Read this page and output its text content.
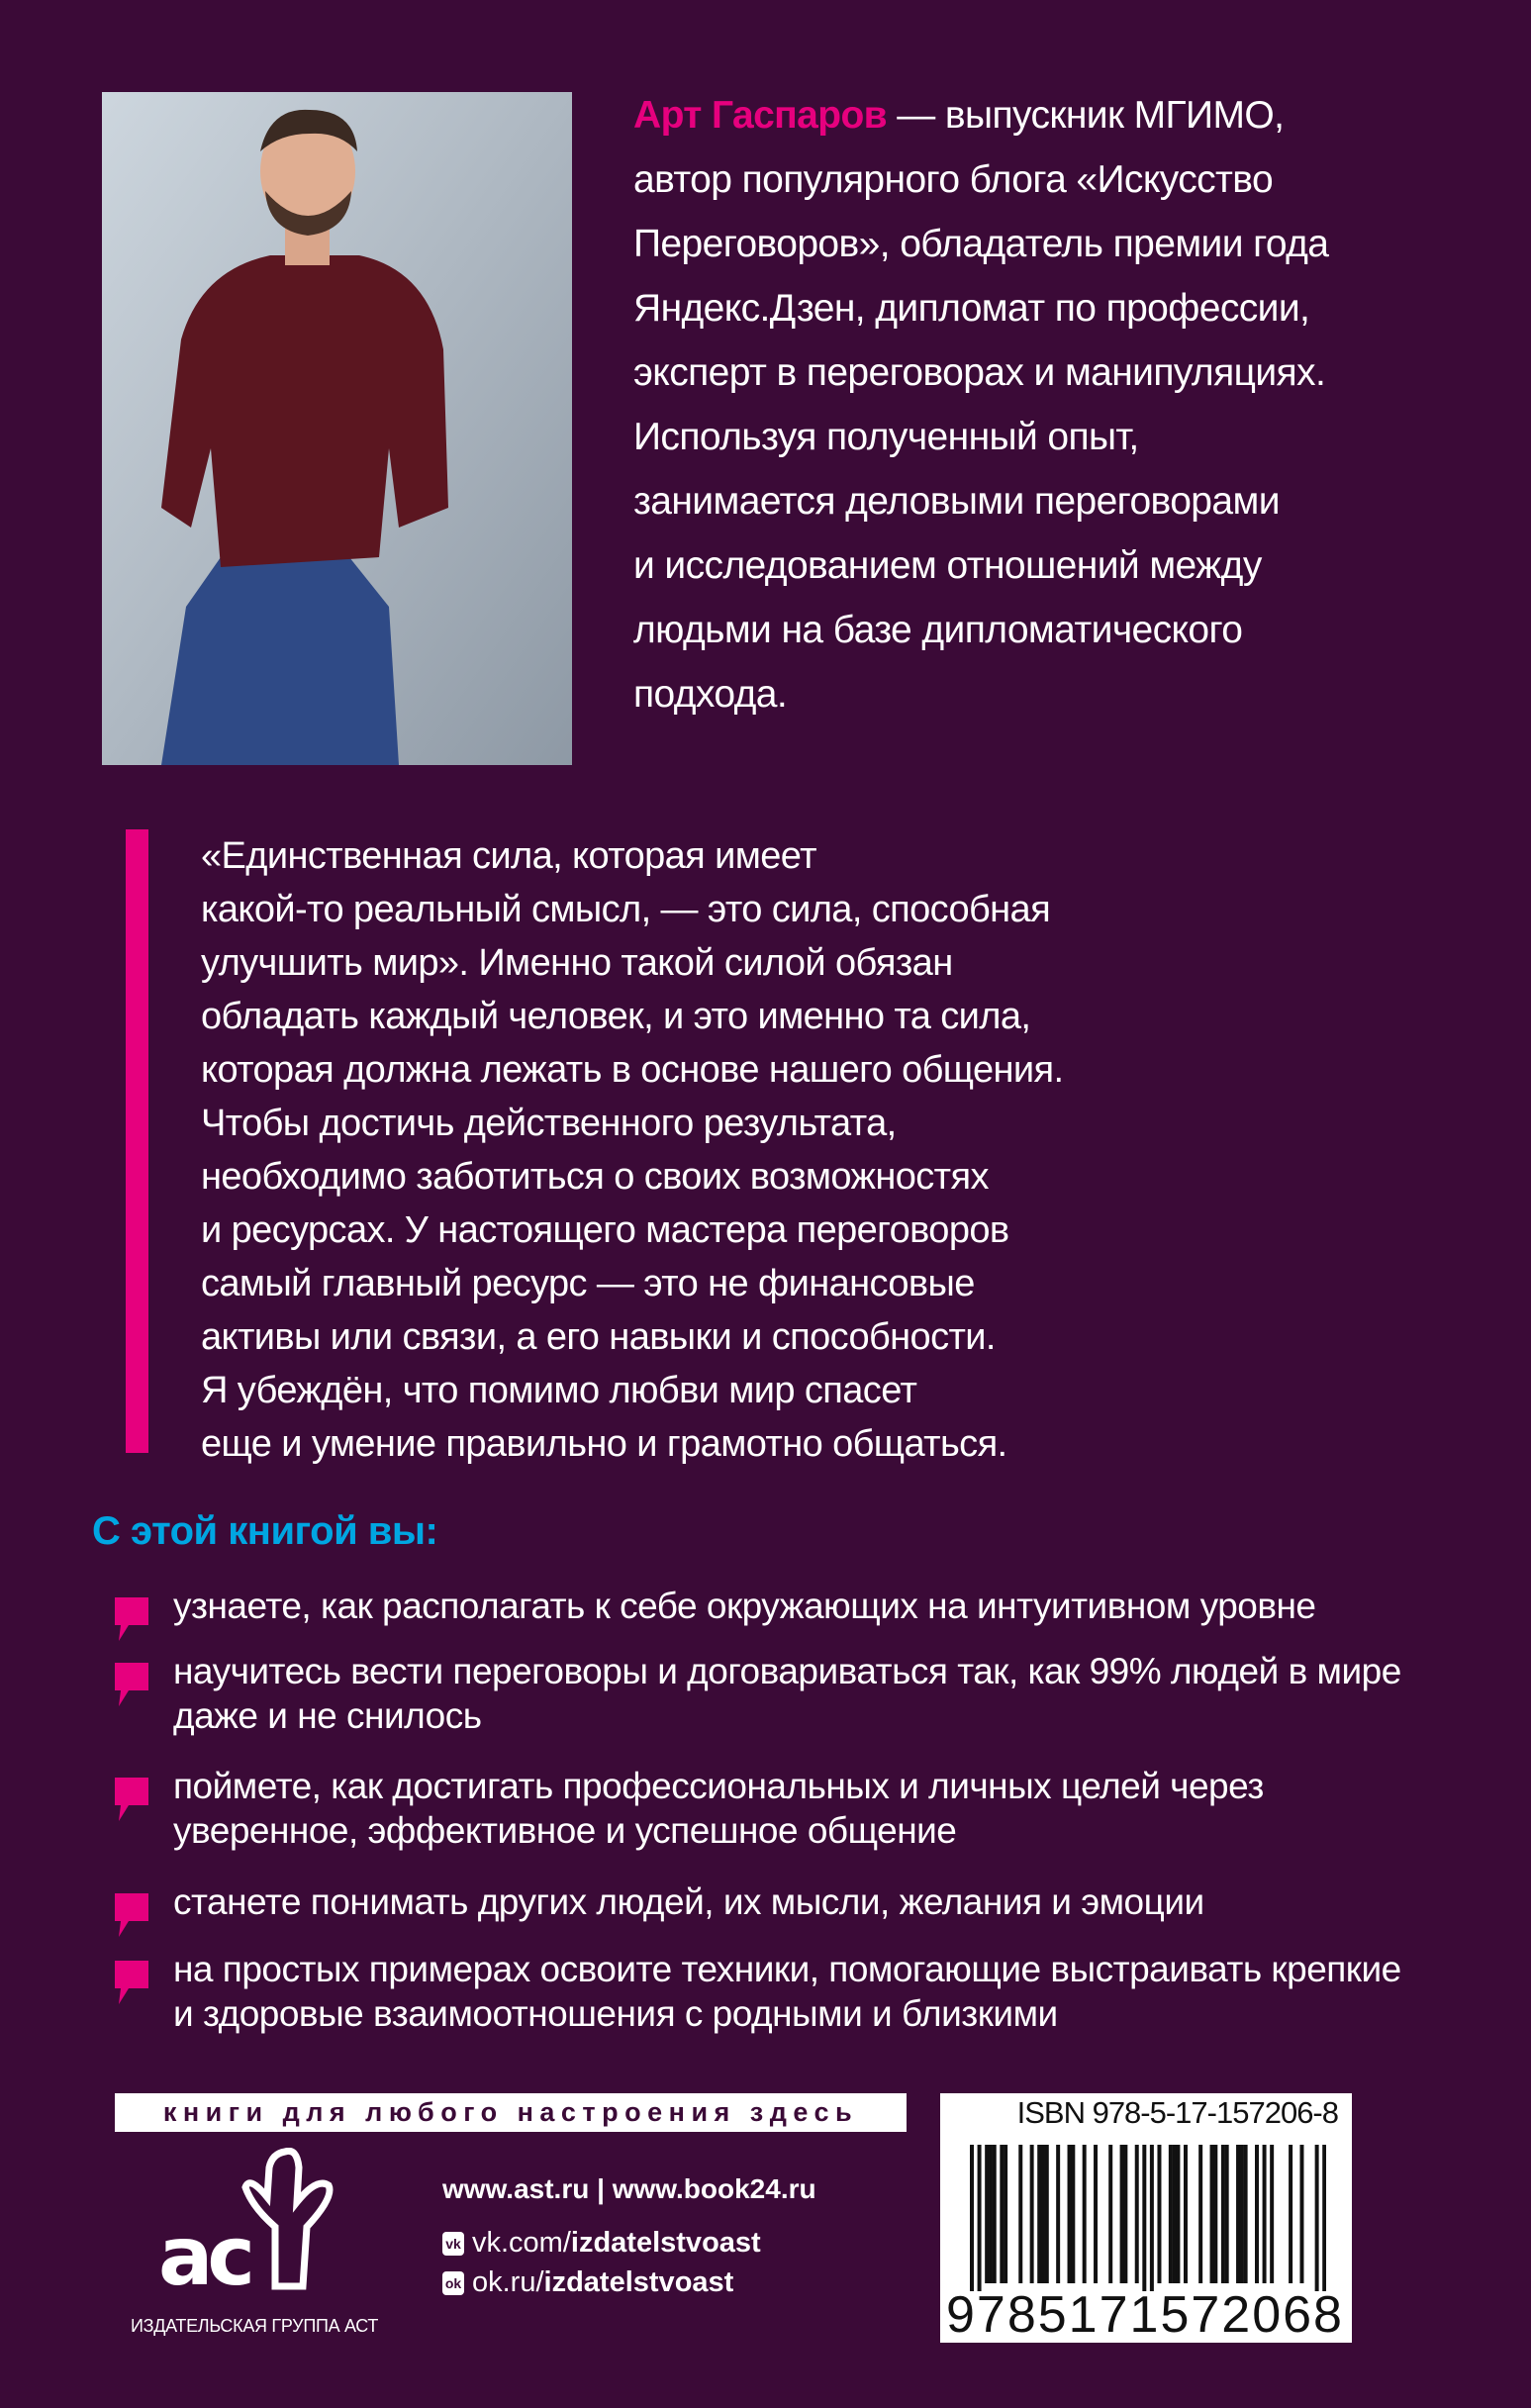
Арт Гаспаров — выпускник МГИМО,
автор популярного блога «Искусство
Переговоров», обладатель премии года
Яндекс.Дзен, дипломат по профессии,
эксперт в переговорах и манипуляциях.
Используя полученный опыт,
занимается деловыми переговорами
и исследованием отношений между
людьми на базе дипломатического
подхода.
«Единственная сила, которая имеет
какой-то реальный смысл, — это сила, способная
улучшить мир». Именно такой силой обязан
обладать каждый человек, и это именно та сила,
которая должна лежать в основе нашего общения.
Чтобы достичь действенного результата,
необходимо заботиться о своих возможностях
и ресурсах. У настоящего мастера переговоров
самый главный ресурс — это не финансовые
активы или связи, а его навыки и способности.
Я убеждён, что помимо любви мир спасет
еще и умение правильно и грамотно общаться.
С этой книгой вы:
узнаете, как располагать к себе окружающих на интуитивном уровне
научитесь вести переговоры и договариваться так, как 99% людей в мире
даже и не снилось
поймете, как достигать профессиональных и личных целей через
уверенное, эффективное и успешное общение
станете понимать других людей, их мысли, желания и эмоции
на простых примерах освоите техники, помогающие выстраивать крепкие
и здоровые взаимоотношения с родными и близкими
книги для любого настроения здесь
ac
ИЗДАТЕЛЬСКАЯ ГРУППА АСТ
www.ast.ru | www.book24.ru
vk vk.com/izdatelstvoast
ok ok.ru/izdatelstvoast
ISBN 978-5-17-157206-8
9785171572068
